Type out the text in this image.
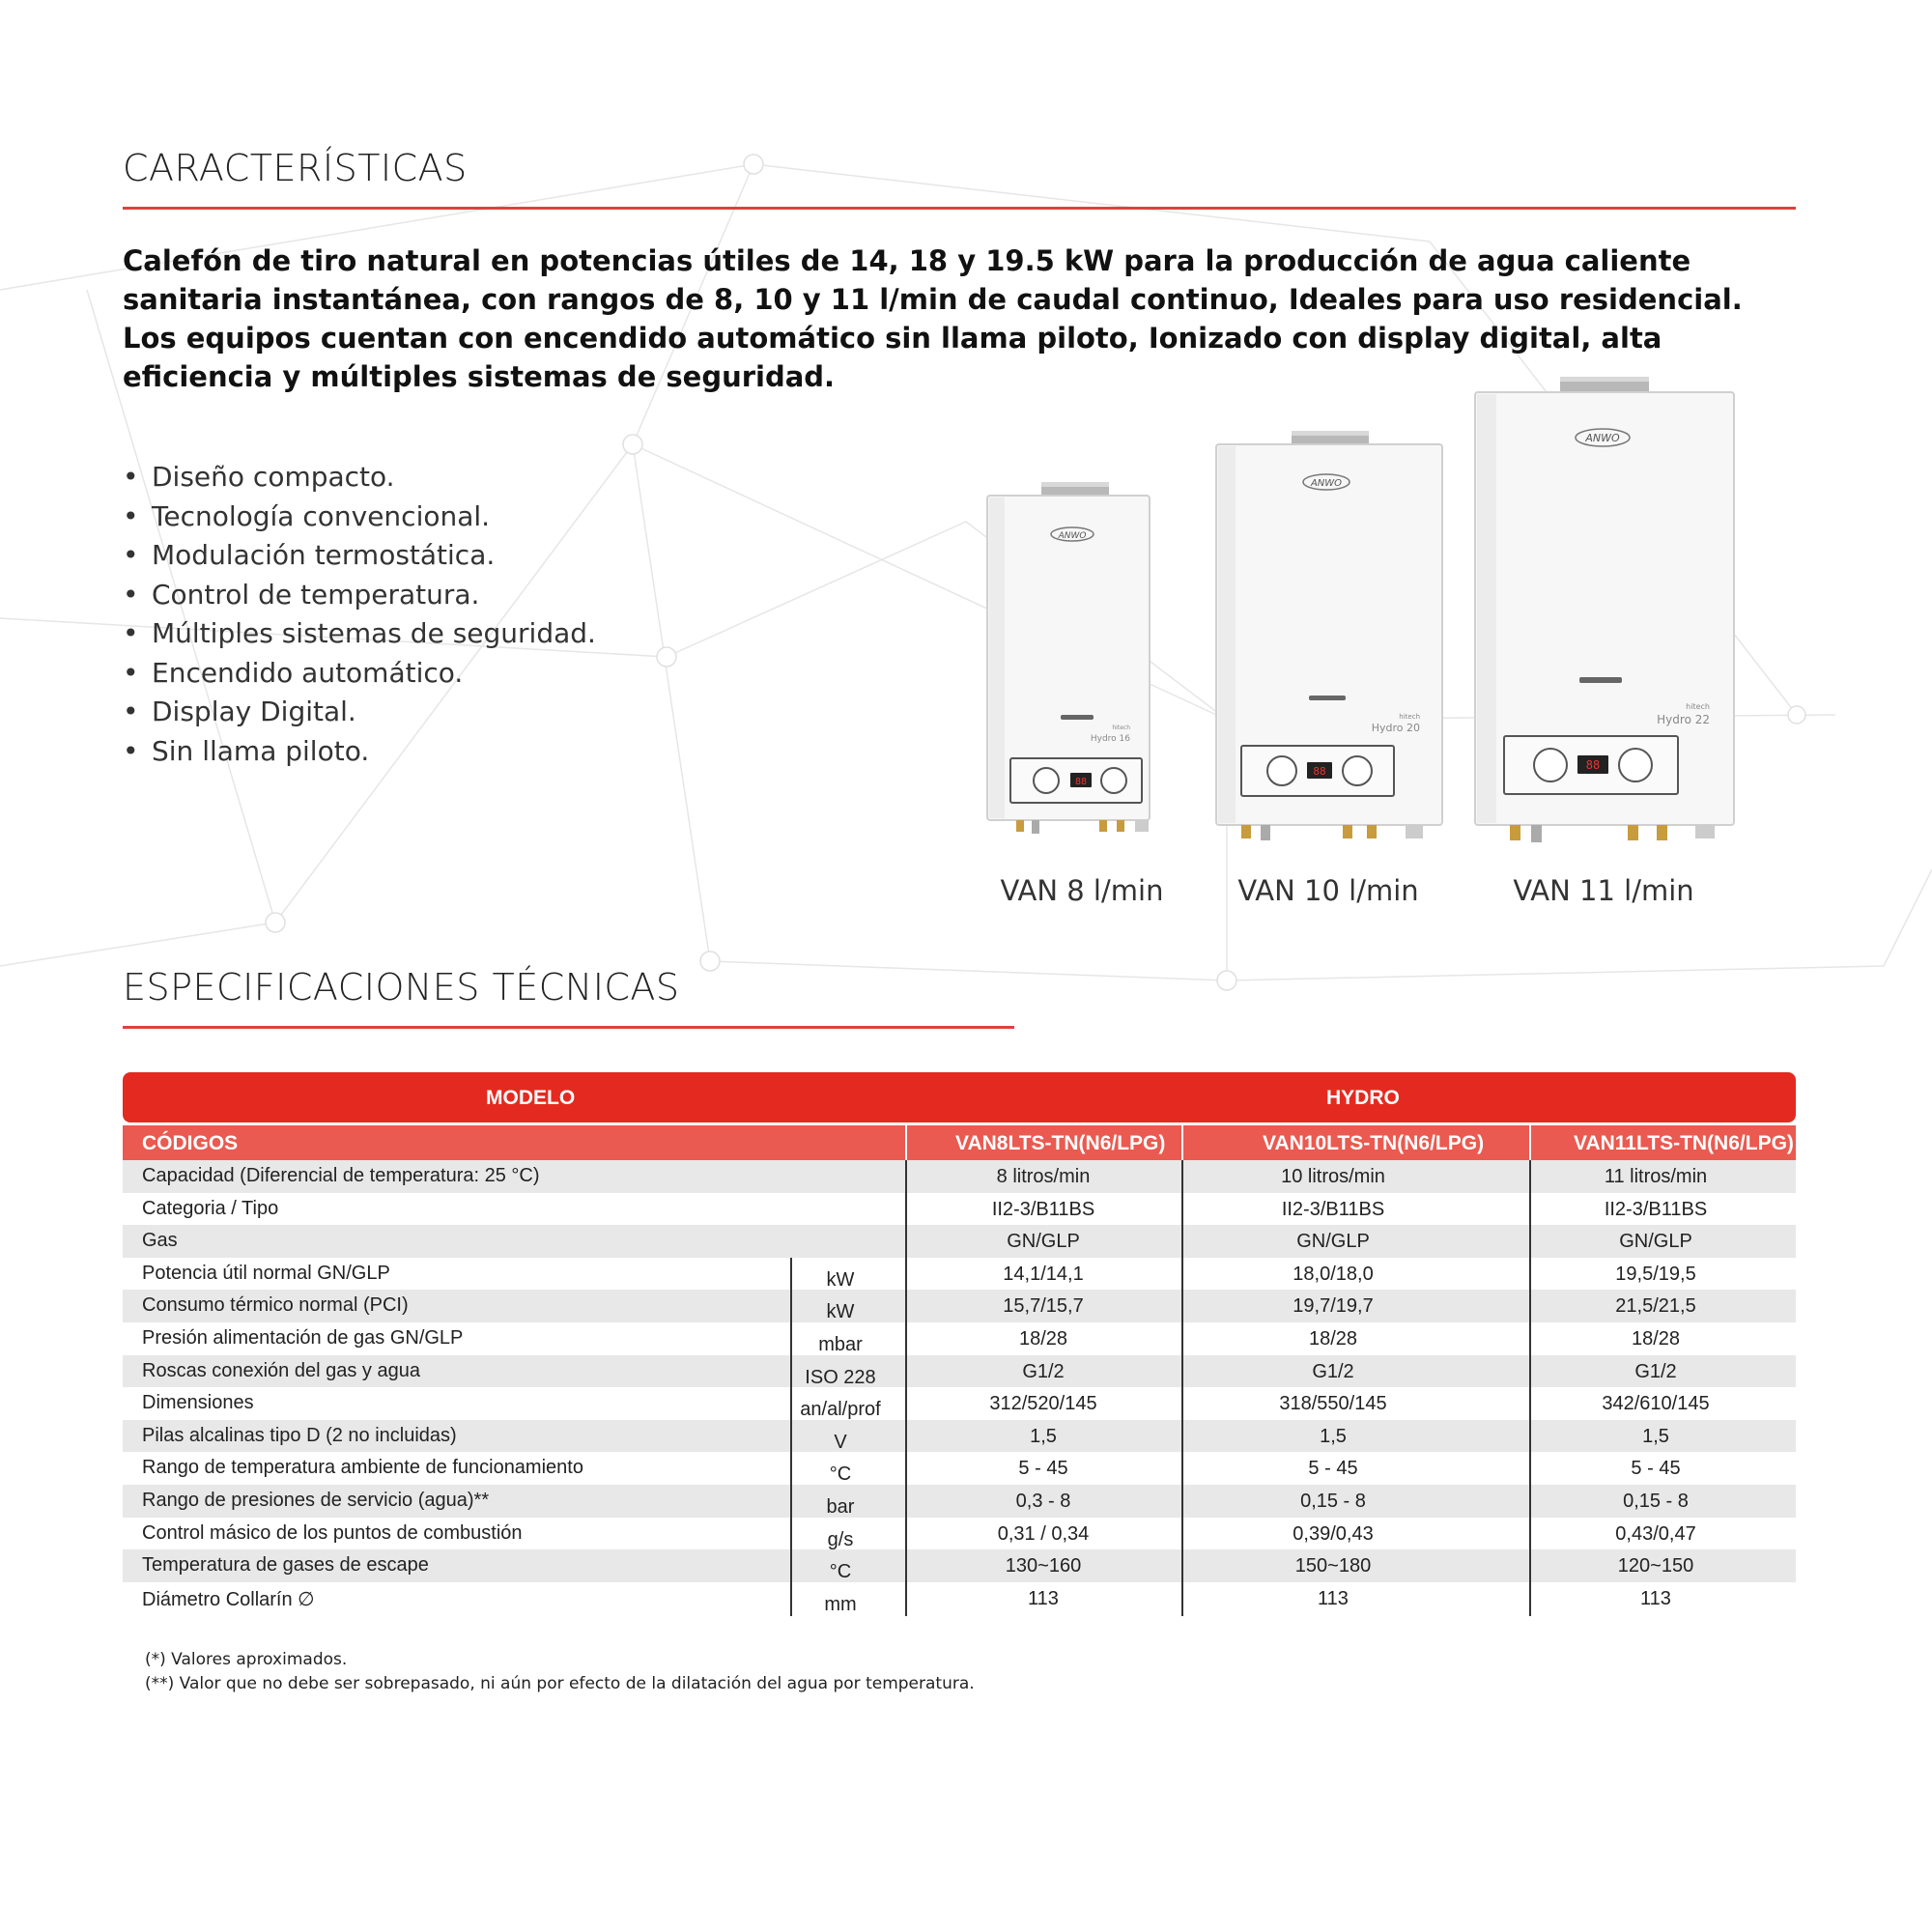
CARACTERÍSTICAS

Calefón de tiro natural en potencias útiles de 14, 18 y 19.5 kW para la producción de agua caliente sanitaria instantánea, con rangos de 8, 10 y 11 l/min de caudal continuo, Ideales para uso residencial. Los equipos cuentan con encendido automático sin llama piloto, Ionizado con display digital, alta eficiencia y múltiples sistemas de seguridad.

• Diseño compacto.
• Tecnología convencional.
• Modulación termostática.
• Control de temperatura.
• Múltiples sistemas de seguridad.
• Encendido automático.
• Display Digital.
• Sin llama piloto.
ANWO
hitech
Hydro 16
88
VAN 8 l/min
ANWO
hitech
Hydro 20
88
VAN 10 l/min
ANWO
hitech
Hydro 22
88
VAN 11 l/min
ESPECIFICACIONES TÉCNICAS
MODELO	HYDRO
CÓDIGOS	VAN8LTS-TN(N6/LPG)	VAN10LTS-TN(N6/LPG)	VAN11LTS-TN(N6/LPG)
Capacidad (Diferencial de temperatura: 25 °C)	8 litros/min	10 litros/min	11 litros/min
Categoria / Tipo	II2-3/B11BS	II2-3/B11BS	II2-3/B11BS
Gas	GN/GLP	GN/GLP	GN/GLP
Potencia útil normal GN/GLP	kW	14,1/14,1	18,0/18,0	19,5/19,5
Consumo térmico normal (PCI)	kW	15,7/15,7	19,7/19,7	21,5/21,5
Presión alimentación de gas GN/GLP	mbar	18/28	18/28	18/28
Roscas conexión del gas y agua	ISO 228	G1/2	G1/2	G1/2
Dimensiones	an/al/prof	312/520/145	318/550/145	342/610/145
Pilas alcalinas tipo D (2 no incluidas)	V	1,5	1,5	1,5
Rango de temperatura ambiente de funcionamiento	°C	5 - 45	5 - 45	5 - 45
Rango de presiones de servicio (agua)**	bar	0,3 - 8	0,15 - 8	0,15 - 8
Control másico de los puntos de combustión	g/s	0,31 / 0,34	0,39/0,43	0,43/0,47
Temperatura de gases de escape	°C	130~160	150~180	120~150
Diámetro Collarín ∅	mm	113	113	113
(*) Valores aproximados.
(**) Valor que no debe ser sobrepasado, ni aún por efecto de la dilatación del agua por temperatura.
